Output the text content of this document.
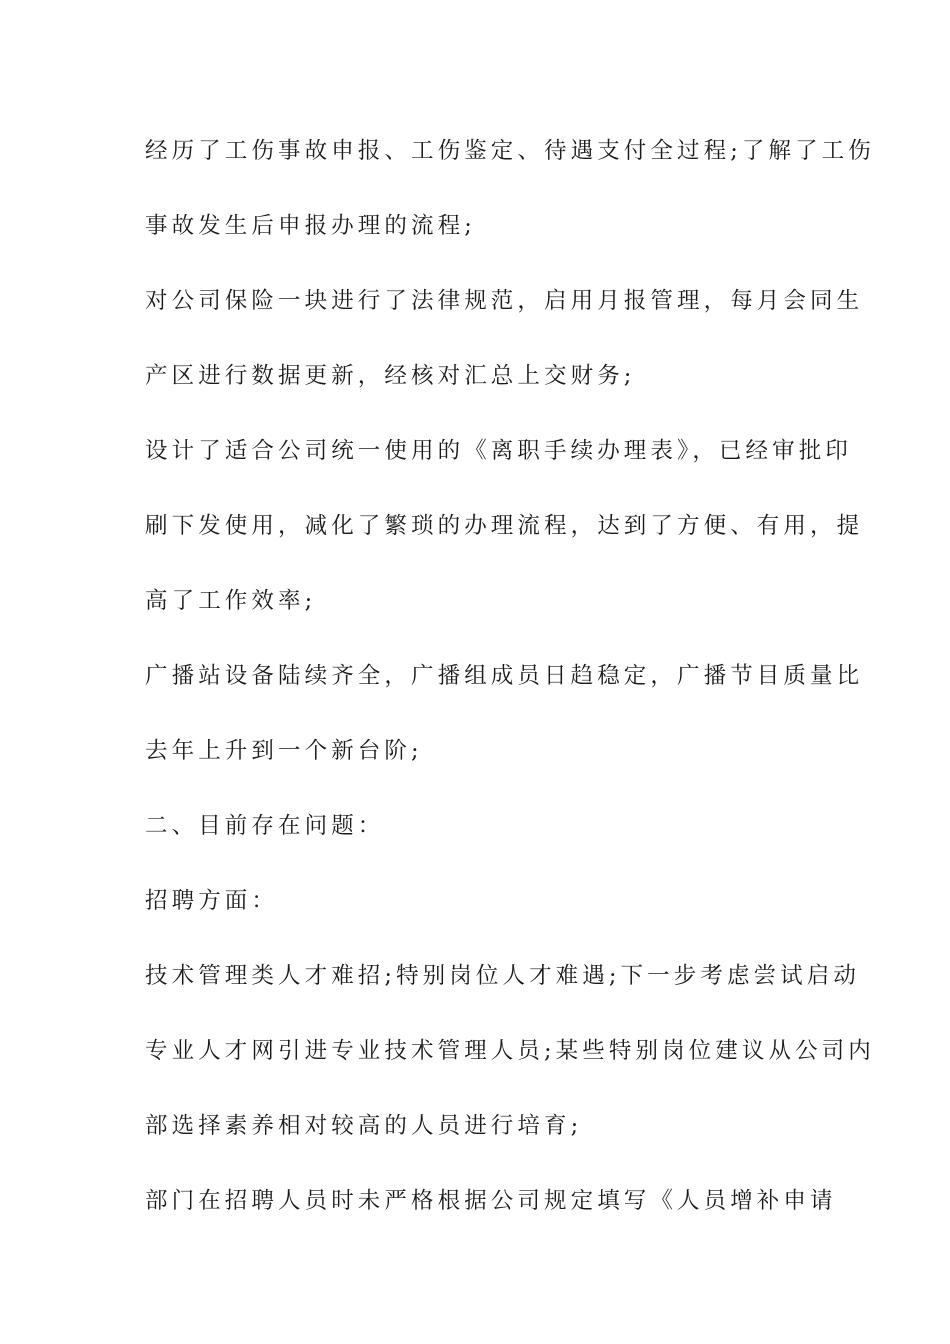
经历了工伤事故申报、工伤鉴定、待遇支付全过程;了解了工伤
事故发生后申报办理的流程;
对公司保险一块进行了法律规范，启用月报管理，每月会同生
产区进行数据更新，经核对汇总上交财务;
设计了适合公司统一使用的《离职手续办理表》，已经审批印
刷下发使用，减化了繁琐的办理流程，达到了方便、有用，提
高了工作效率;
广播站设备陆续齐全，广播组成员日趋稳定，广播节目质量比
去年上升到一个新台阶;
二、目前存在问题：
招聘方面：
技术管理类人才难招;特别岗位人才难遇;下一步考虑尝试启动
专业人才网引进专业技术管理人员;某些特别岗位建议从公司内
部选择素养相对较高的人员进行培育;
部门在招聘人员时未严格根据公司规定填写《人员增补申请
